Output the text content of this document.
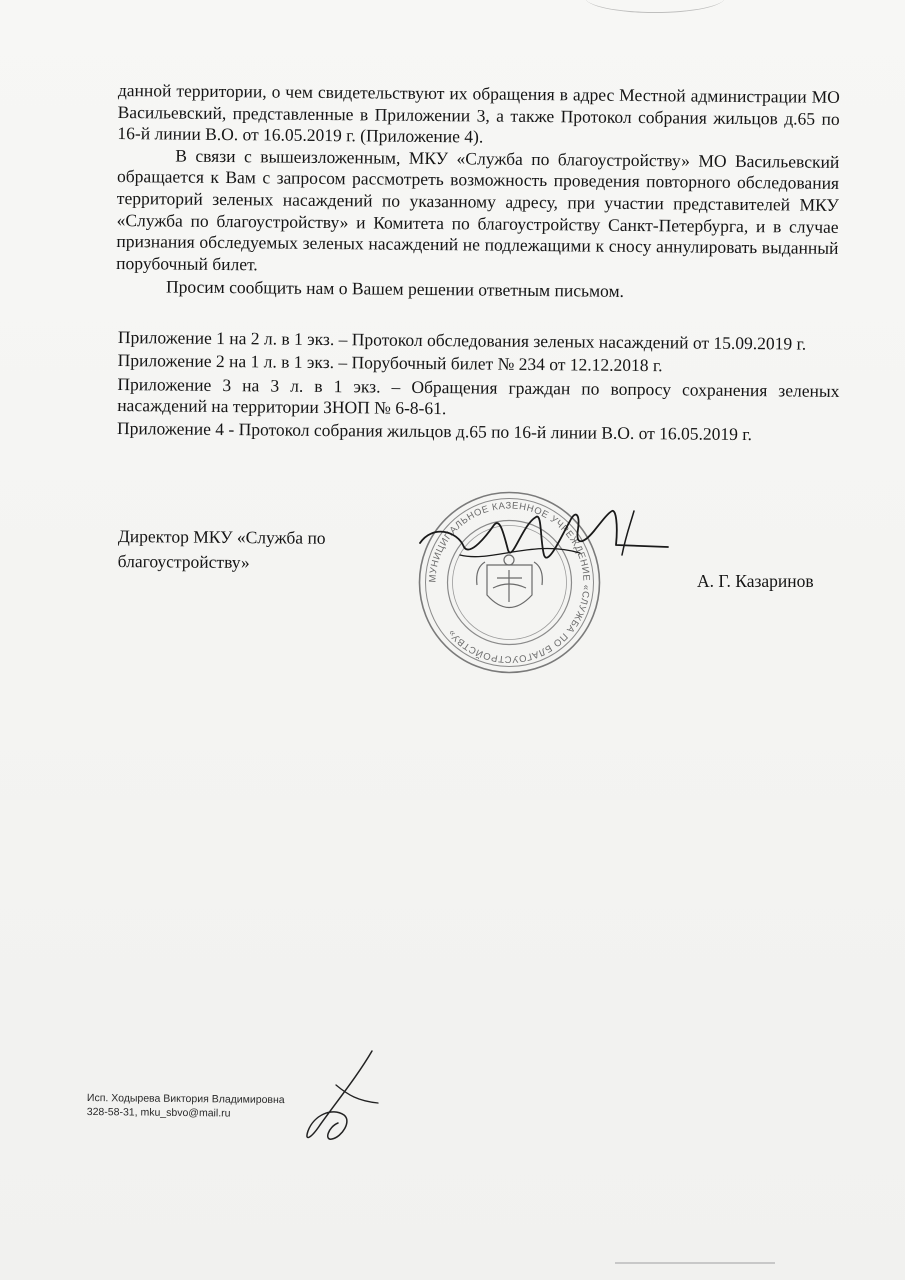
данной территории, о чем свидетельствуют их обращения в адрес Местной администрации МО Васильевский, представленные в Приложении 3, а также Протокол собрания жильцов д.65 по 16-й линии В.О. от 16.05.2019 г. (Приложение 4).

В связи с вышеизложенным, МКУ «Служба по благоустройству» МО Васильевский обращается к Вам с запросом рассмотреть возможность проведения повторного обследования территорий зеленых насаждений по указанному адресу, при участии представителей МКУ «Служба по благоустройству» и Комитета по благоустройству Санкт-Петербурга, и в случае признания обследуемых зеленых насаждений не подлежащими к сносу аннулировать выданный порубочный билет.

Просим сообщить нам о Вашем решении ответным письмом.

Приложение 1 на 2 л. в 1 экз. – Протокол обследования зеленых насаждений от 15.09.2019 г.

Приложение 2 на 1 л. в 1 экз. – Порубочный билет № 234 от 12.12.2018 г.

Приложение 3 на 3 л. в 1 экз. – Обращения граждан по вопросу сохранения зеленых насаждений на территории ЗНОП № 6-8-61.

Приложение 4 - Протокол собрания жильцов д.65 по 16-й линии В.О. от 16.05.2019 г.

Директор МКУ «Служба по благоустройству»
МУНИЦИПАЛЬНОЕ КАЗЕННОЕ УЧРЕЖДЕНИЕ «СЛУЖБА ПО БЛАГОУСТРОЙСТВУ»
А. Г. Казаринов
Исп. Ходырева Виктория Владимировна
328-58-31, mku_sbvo@mail.ru
